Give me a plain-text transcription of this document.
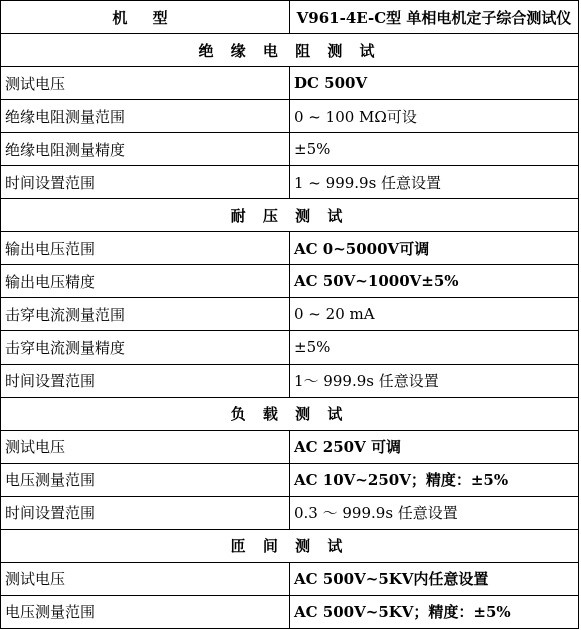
机 型	V961-4E-C型 单相电机定子综合测试仪
绝 缘 电 阻 测 试	
测试电压	DC 500V
绝缘电阻测量范围	0 ~ 100 MΩ可设
绝缘电阻测量精度	±5%
时间设置范围	1 ~ 999.9s 任意设置
耐 压 测 试	
输出电压范围	AC 0~5000V可调
输出电压精度	AC 50V~1000V±5%
击穿电流测量范围	0 ~ 20 mA
击穿电流测量精度	±5%
时间设置范围	1～ 999.9s 任意设置
负 载 测 试	
测试电压	AC 250V 可调
电压测量范围	AC 10V~250V；精度：±5%
时间设置范围	0.3 ～ 999.9s 任意设置
匝 间 测 试	
测试电压	AC 500V~5KV内任意设置
电压测量范围	AC 500V~5KV；精度：±5%
